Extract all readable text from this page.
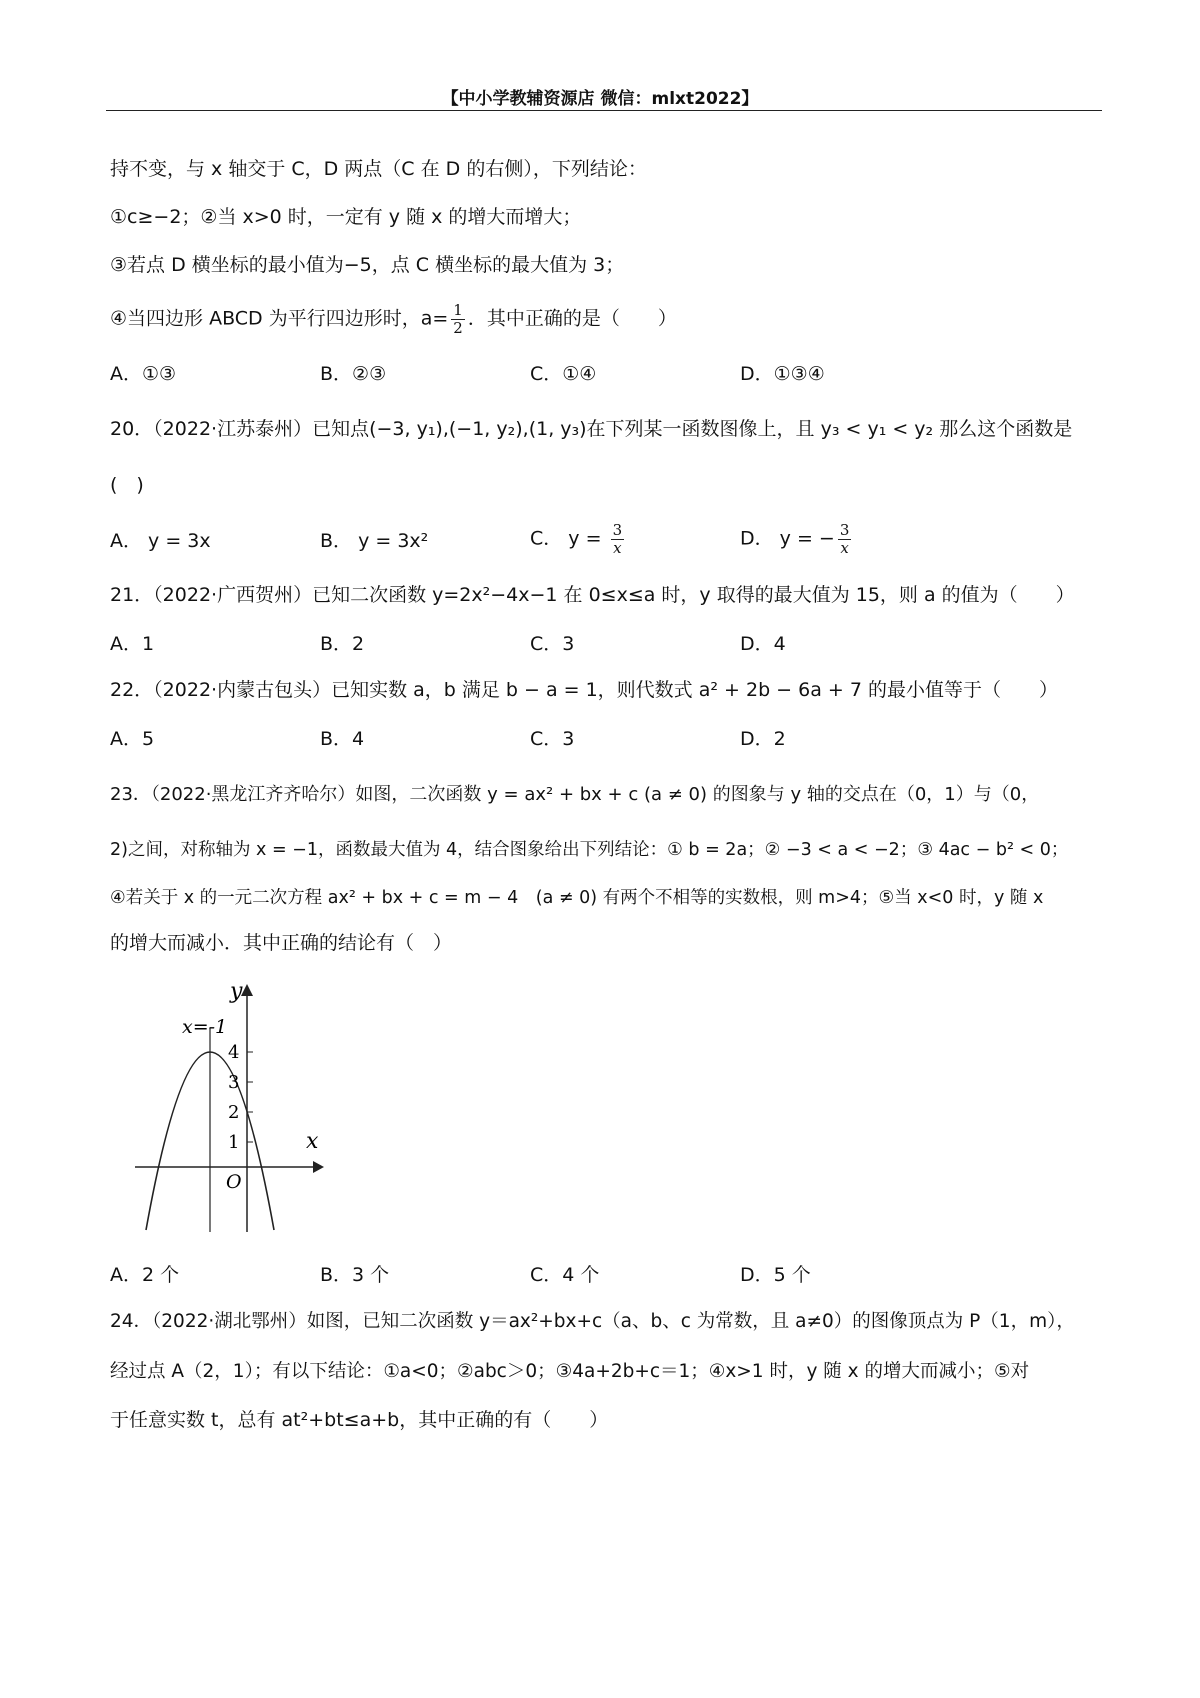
【中小学教辅资源店 微信：mlxt2022】
持不变，与 x 轴交于 C，D 两点（C 在 D 的右侧），下列结论：
①c≥−2；②当 x>0 时，一定有 y 随 x 的增大而增大；
③若点 D 横坐标的最小值为−5，点 C 横坐标的最大值为 3；
④当四边形 ABCD 为平行四边形时，$a= \frac{1}{2}$ ．其中正确的是（　　）
A．①③	B．②③	C．①④	D．①③④
20．（2022·江苏泰州）已知点(−3, y₁),(−1, y₂),(1, y₃)在下列某一函数图像上，且 y₃ < y₁ < y₂ 那么这个函数是
(　)
A． y = 3x	B． y = 3x²	C． $y = \frac{3}{x}$	D． y = − $\frac{3}{x}$
21．（2022·广西贺州）已知二次函数 y=2x²−4x−1 在 0≤x≤a 时，y 取得的最大值为 15，则 a 的值为（　　）
A．1	B．2	C．3	D．4
22．（2022·内蒙古包头）已知实数 a，b 满足 b − a = 1，则代数式 a² + 2b − 6a + 7 的最小值等于（　　）
A．5	B．4	C．3	D．2
23．（2022·黑龙江齐齐哈尔）如图，二次函数 y = ax² + bx + c (a ≠ 0) 的图象与 y 轴的交点在（0，1）与（0，
2)之间，对称轴为 x = −1，函数最大值为 4，结合图象给出下列结论：① b = 2a；② −3 < a < −2；③ 4ac − b² < 0；
④若关于 x 的一元二次方程 ax² + bx + c = m − 4　(a ≠ 0) 有两个不相等的实数根，则 m>4；⑤当 x<0 时，y 随 x
的增大而减小．其中正确的结论有（　）
y
x
O
x=-1
4
3
2
1
A．2 个	B．3 个	C．4 个	D．5 个
24．（2022·湖北鄂州）如图，已知二次函数 y＝ax²+bx+c（a、b、c 为常数，且 a≠0）的图像顶点为 P（1，m），
经过点 A（2，1）；有以下结论：①a<0；②abc＞0；③4a+2b+c＝1；④x>1 时，y 随 x 的增大而减小；⑤对
于任意实数 t，总有 at²+bt≤a+b，其中正确的有（　　）
